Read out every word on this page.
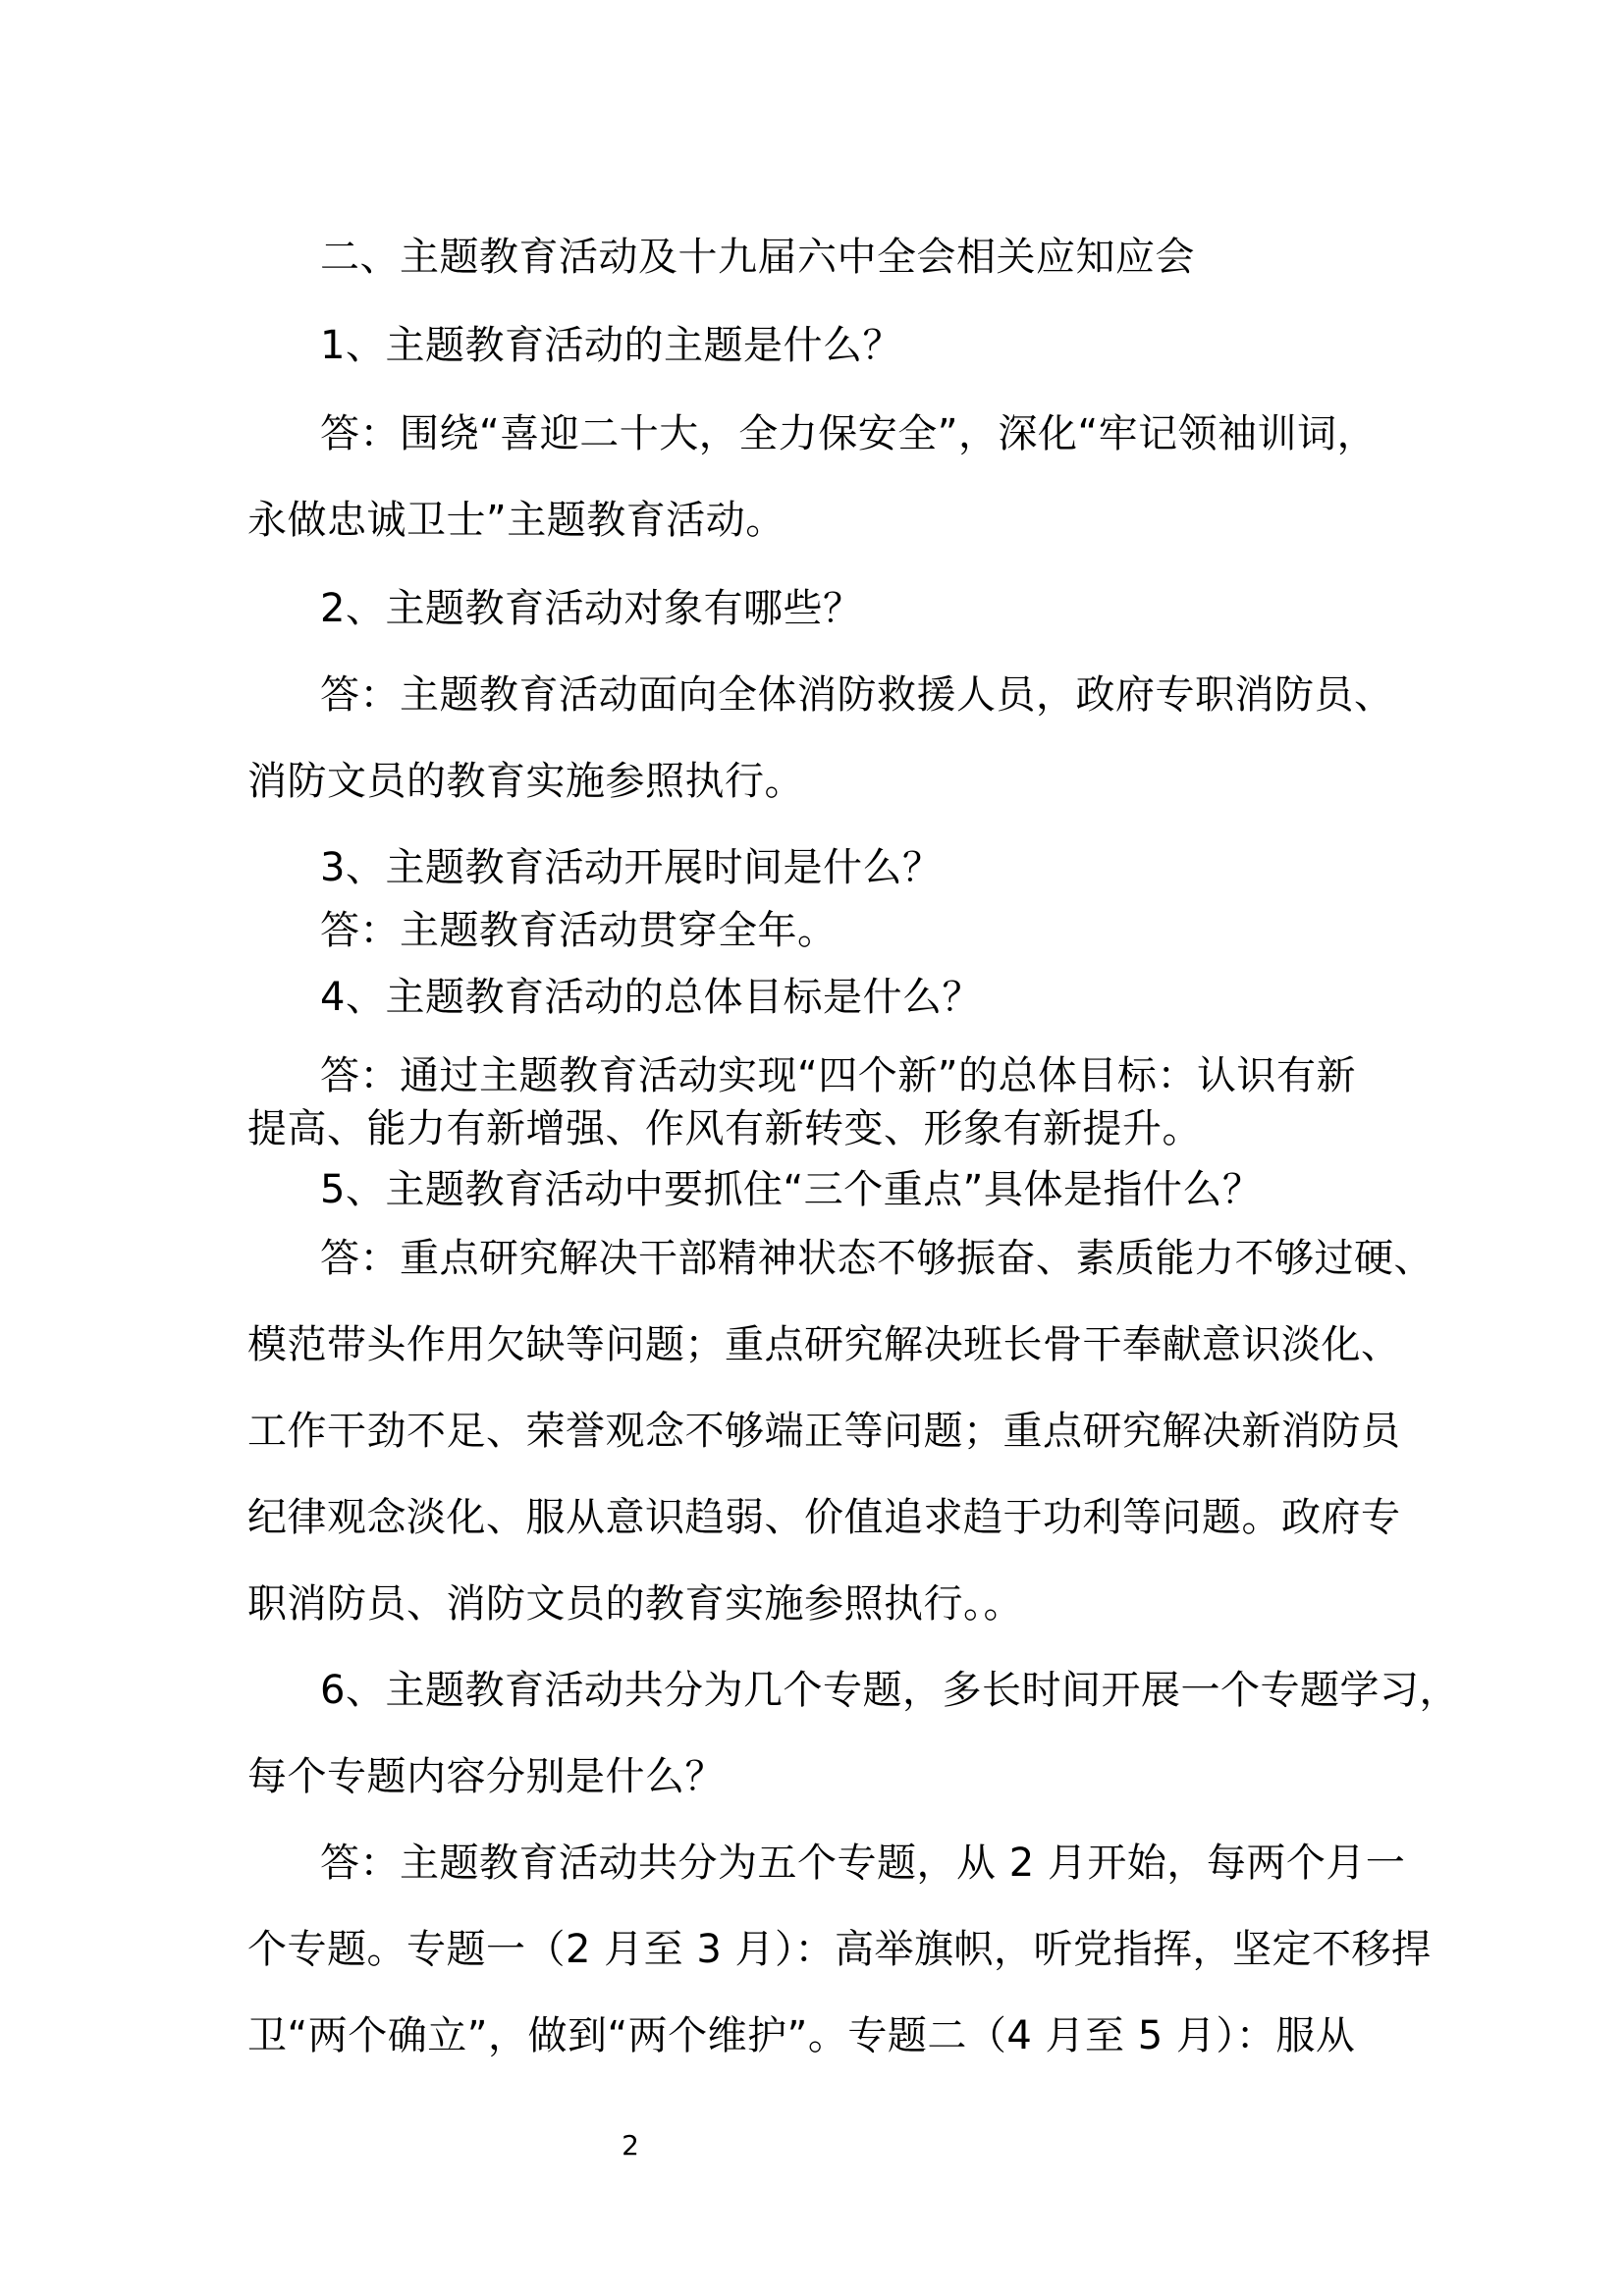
二、主题教育活动及十九届六中全会相关应知应会
1、主题教育活动的主题是什么？
答：围绕“喜迎二十大，全力保安全”，深化“牢记领袖训词，
永做忠诚卫士”主题教育活动。
2、主题教育活动对象有哪些？
答：主题教育活动面向全体消防救援人员，政府专职消防员、
消防文员的教育实施参照执行。
3、主题教育活动开展时间是什么？
答：主题教育活动贯穿全年。
4、主题教育活动的总体目标是什么？
答：通过主题教育活动实现“四个新”的总体目标：认识有新
提高、能力有新增强、作风有新转变、形象有新提升。
5、主题教育活动中要抓住“三个重点”具体是指什么？
答：重点研究解决干部精神状态不够振奋、素质能力不够过硬、
模范带头作用欠缺等问题；重点研究解决班长骨干奉献意识淡化、
工作干劲不足、荣誉观念不够端正等问题；重点研究解决新消防员
纪律观念淡化、服从意识趋弱、价值追求趋于功利等问题。政府专
职消防员、消防文员的教育实施参照执行。。
6、主题教育活动共分为几个专题，多长时间开展一个专题学习，
每个专题内容分别是什么？
答：主题教育活动共分为五个专题，从 2 月开始，每两个月一
个专题。专题一（2 月至 3 月）：高举旗帜，听党指挥，坚定不移捍
卫“两个确立”，做到“两个维护”。专题二（4 月至 5 月）：服从
2
